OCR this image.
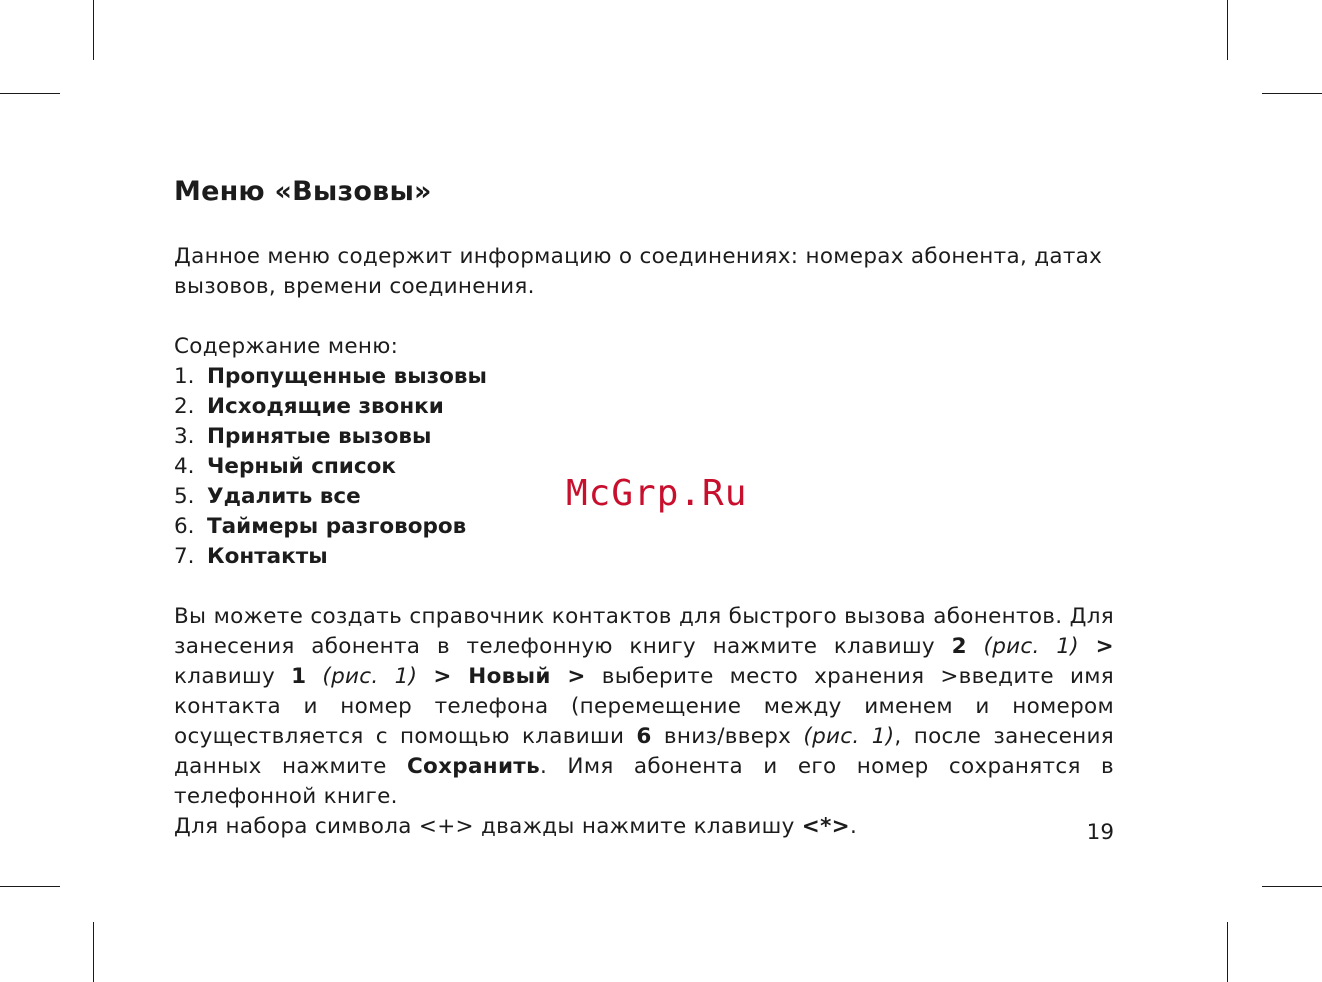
Меню «Вызовы»

Данное меню содержит информацию о соединениях: номерах абонента, датах вызовов, времени соединения.

Содержание меню:

1. Пропущенные вызовы
2. Исходящие звонки
3. Принятые вызовы
4. Черный список
5. Удалить все
6. Таймеры разговоров
7. Контакты

Вы можете создать справочник контактов для быстрого вызова абонентов. Для занесения абонента в телефонную книгу нажмите клавишу 2 (рис. 1) > клавишу 1 (рис. 1) > Новый > выберите место хранения >введите имя контакта и номер телефона (перемещение между именем и номером осуществляется с помощью клавиши 6 вниз/вверх (рис. 1), после занесения данных нажмите Сохранить. Имя абонента и его номер сохранятся в телефонной книге.

Для набора символа <+> дважды нажмите клавишу <*>.	19
McGrp.Ru
